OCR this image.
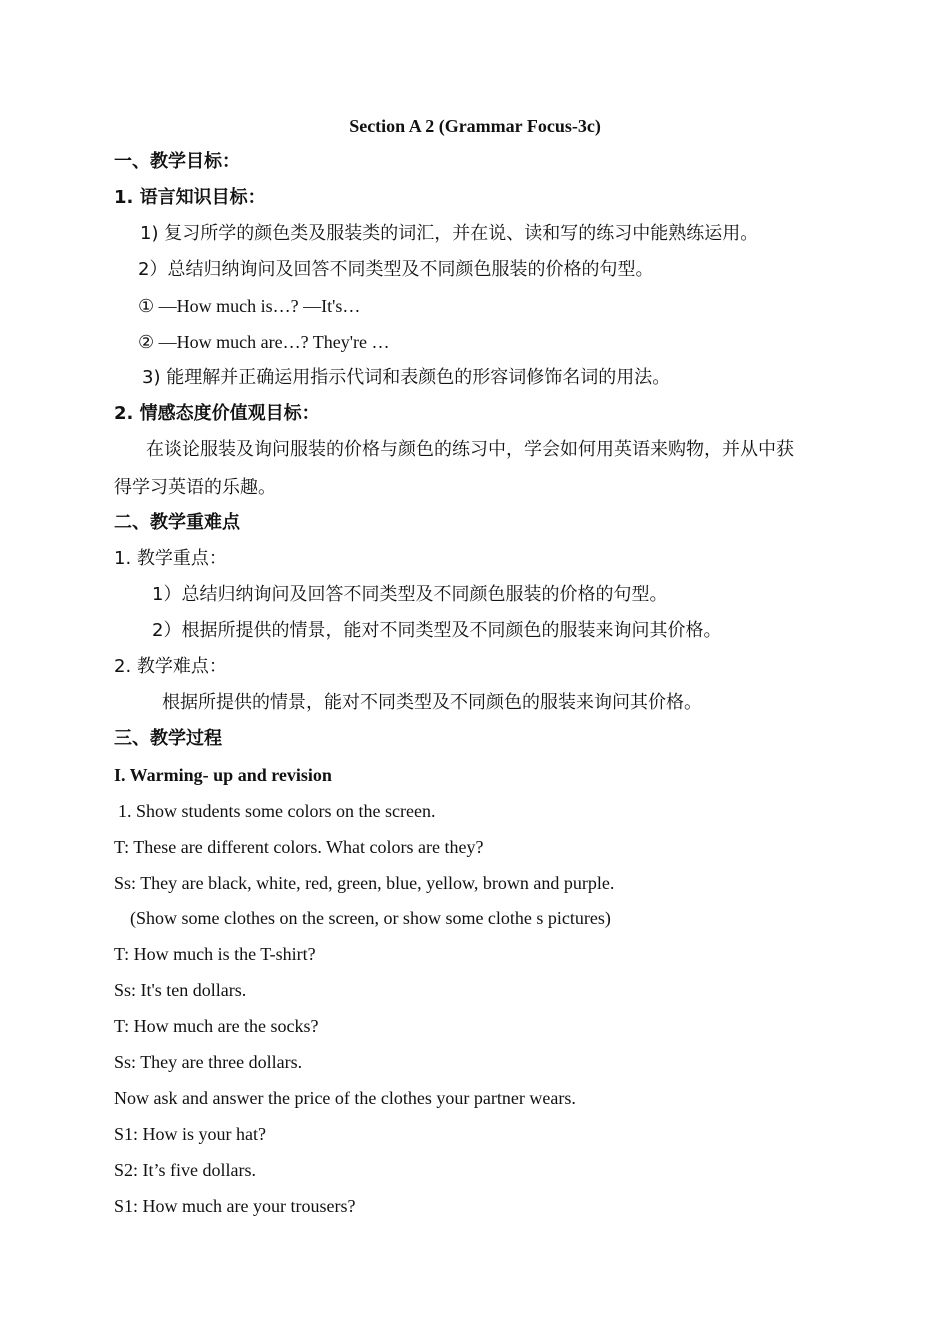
Section A 2 (Grammar Focus-3c)
一、教学目标：
1. 语言知识目标：
1) 复习所学的颜色类及服装类的词汇，并在说、读和写的练习中能熟练运用。
2）总结归纳询问及回答不同类型及不同颜色服装的价格的句型。
① —How much is…? —It's…
② —How much are…? They're …
3) 能理解并正确运用指示代词和表颜色的形容词修饰名词的用法。
2. 情感态度价值观目标：
在谈论服装及询问服装的价格与颜色的练习中，学会如何用英语来购物，并从中获
得学习英语的乐趣。
二、教学重难点
1. 教学重点：
1）总结归纳询问及回答不同类型及不同颜色服装的价格的句型。
2）根据所提供的情景，能对不同类型及不同颜色的服装来询问其价格。
2. 教学难点：
根据所提供的情景，能对不同类型及不同颜色的服装来询问其价格。
三、教学过程
I. Warming- up and revision
1. Show students some colors on the screen.
T: These are different colors. What colors are they?
Ss: They are black, white, red, green, blue, yellow, brown and purple.
(Show some clothes on the screen, or show some clothe s pictures)
T: How much is the T-shirt?
Ss: It's ten dollars.
T: How much are the socks?
Ss: They are three dollars.
Now ask and answer the price of the clothes your partner wears.
S1: How is your hat?
S2: It’s five dollars.
S1: How much are your trousers?
